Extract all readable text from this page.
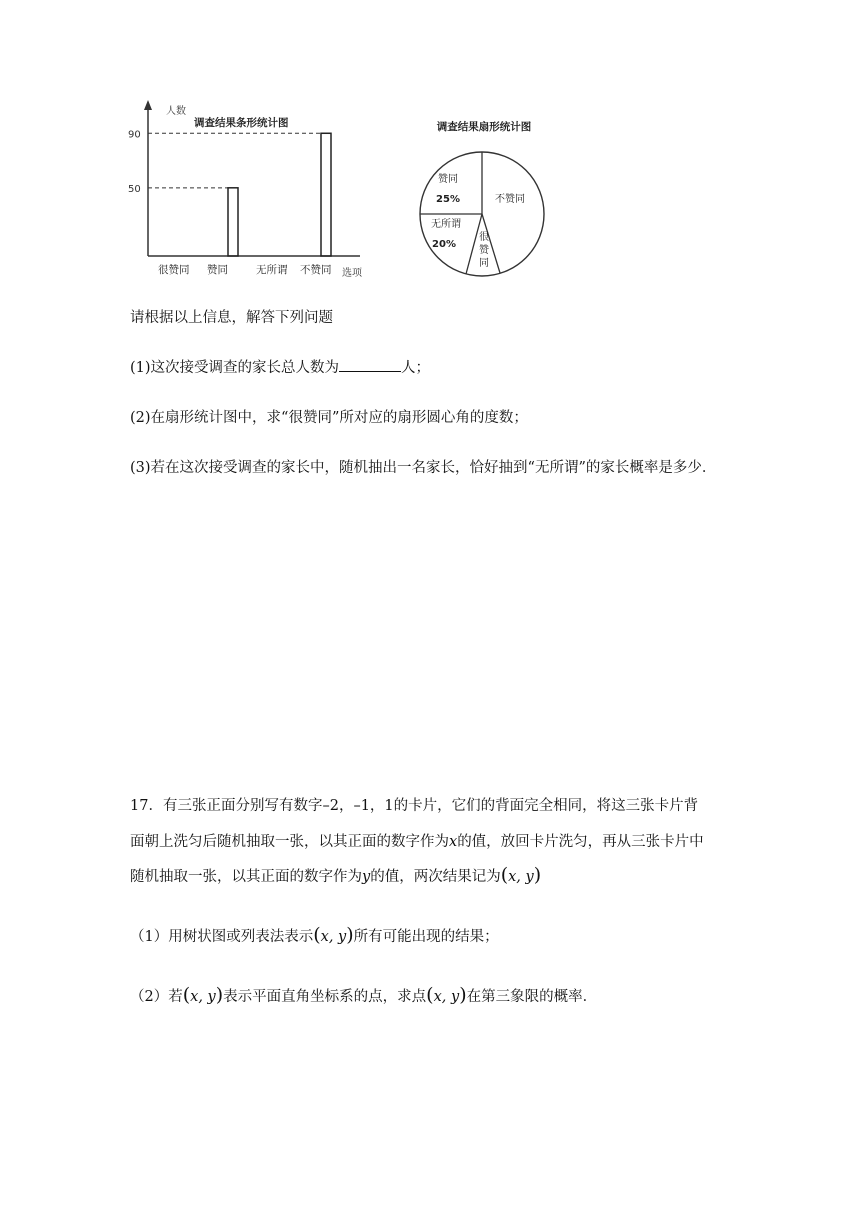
人数
调查结果条形统计图
选项
50
90
很赞同 赞同	无所谓 不赞同
调查结果扇形统计图
不赞同
赞同
25%
无所谓
20%
很
赞
同
请根据以上信息，解答下列问题
(1)这次接受调查的家长总人数为	人；
(2)在扇形统计图中，求“很赞同”所对应的扇形圆心角的度数；
(3)若在这次接受调查的家长中，随机抽出一名家长，恰好抽到“无所谓”的家长概率是多少．
17．有三张正面分别写有数字–2，–1，1的卡片，它们的背面完全相同，将这三张卡片背
面朝上洗匀后随机抽取一张，以其正面的数字作为x的值，放回卡片洗匀，再从三张卡片中
随机抽取一张，以其正面的数字作为y的值，两次结果记为(x, y)
（1）用树状图或列表法表示(x, y)所有可能出现的结果；
（2）若(x, y)表示平面直角坐标系的点，求点(x, y)在第三象限的概率．
